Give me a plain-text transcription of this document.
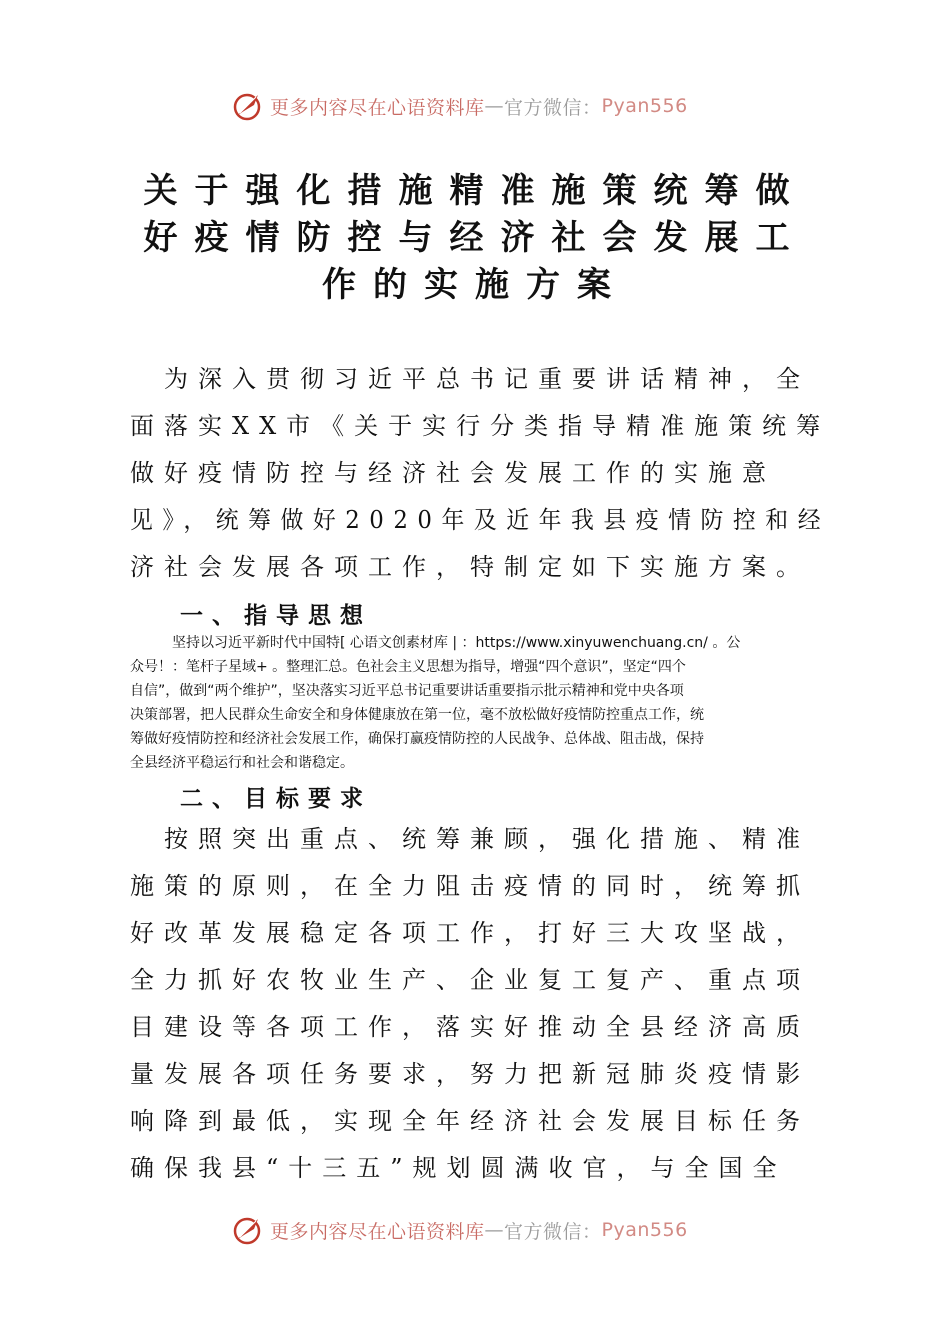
更多内容尽在心语资料库 — 官方微信： Pyan556
关于强化措施精准施策统筹做
好疫情防控与经济社会发展工
作的实施方案
　为深入贯彻习近平总书记重要讲话精神，全
面落实XX市《关于实行分类指导精准施策统筹
做好疫情防控与经济社会发展工作的实施意
见》，统筹做好2020年及近年我县疫情防控和经
济社会发展各项工作，特制定如下实施方案。
一、指导思想
　　　坚持以习近平新时代中国特[ 心语文创素材库 | ：https://www.xinyuwenchuang.cn/ 。公
众号！：笔杆子星域+ 。整理汇总。色社会主义思想为指导，增强“四个意识”，坚定“四个
自信”，做到“两个维护”，坚决落实习近平总书记重要讲话重要指示批示精神和党中央各项
决策部署，把人民群众生命安全和身体健康放在第一位，毫不放松做好疫情防控重点工作，统
筹做好疫情防控和经济社会发展工作，确保打赢疫情防控的人民战争、总体战、阻击战，保持
全县经济平稳运行和社会和谐稳定。
二、目标要求
　按照突出重点、统筹兼顾，强化措施、精准
施策的原则，在全力阻击疫情的同时，统筹抓
好改革发展稳定各项工作，打好三大攻坚战，
全力抓好农牧业生产、企业复工复产、重点项
目建设等各项工作，落实好推动全县经济高质
量发展各项任务要求，努力把新冠肺炎疫情影
响降到最低，实现全年经济社会发展目标任务
确保我县“十三五”规划圆满收官，与全国全
更多内容尽在心语资料库 — 官方微信： Pyan556
